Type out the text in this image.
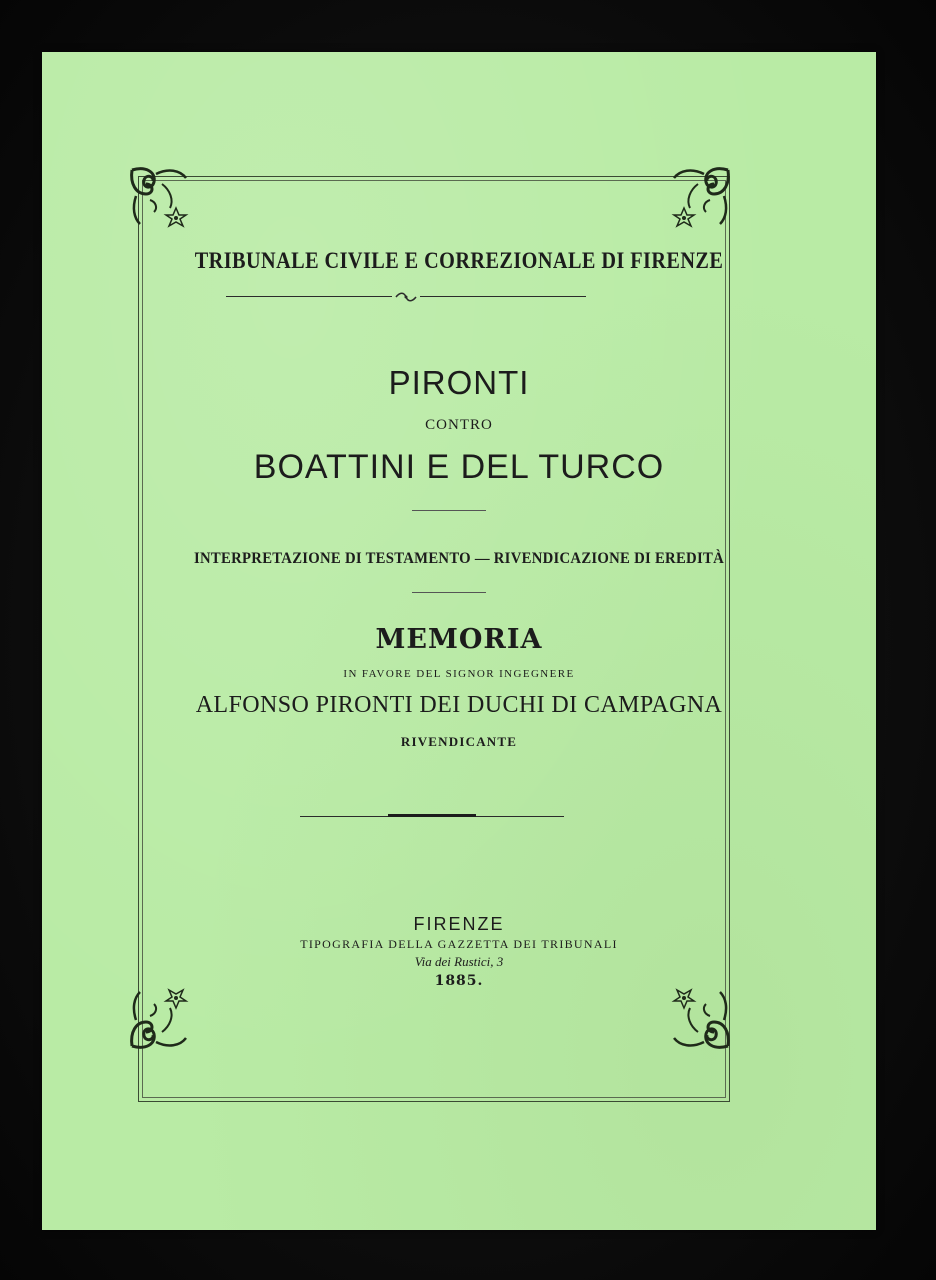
TRIBUNALE CIVILE E CORREZIONALE DI FIRENZE
PIRONTI
CONTRO
BOATTINI E DEL TURCO
INTERPRETAZIONE DI TESTAMENTO — RIVENDICAZIONE DI EREDITÀ
MEMORIA
IN FAVORE DEL SIGNOR INGEGNERE
ALFONSO PIRONTI DEI DUCHI DI CAMPAGNA
RIVENDICANTE
FIRENZE
TIPOGRAFIA DELLA GAZZETTA DEI TRIBUNALI
Via dei Rustici, 3
1885.
